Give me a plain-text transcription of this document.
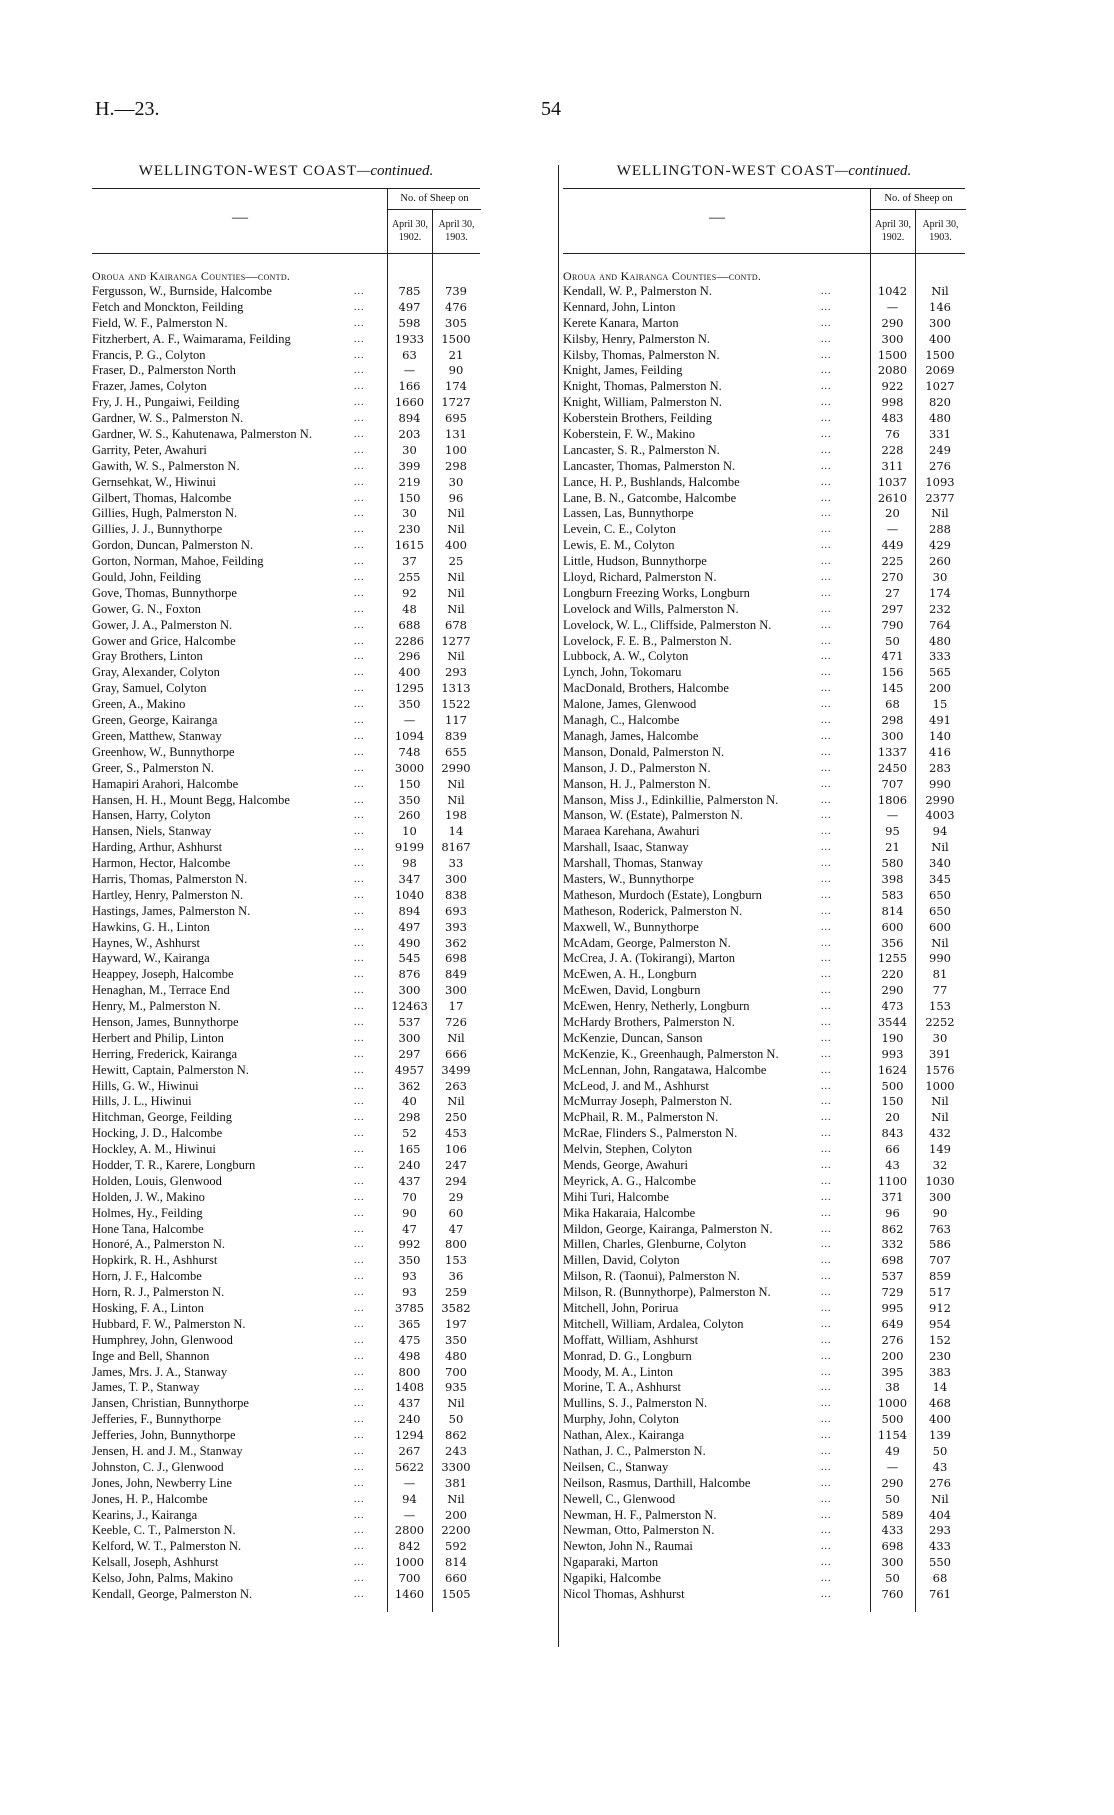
H.—23.	54
WELLINGTON-WEST COAST—continued.
—
No. of Sheep on
April 30, 1902.
April 30, 1903.
Oroua and Kairanga Counties—contd.
Fergusson, W., Burnside, Halcombe	...	785	739
Fetch and Monckton, Feilding	...	497	476
Field, W. F., Palmerston N.	...	598	305
Fitzherbert, A. F., Waimarama, Feilding	...	1933	1500
Francis, P. G., Colyton	...	63	21
Fraser, D., Palmerston North	...	—	90
Frazer, James, Colyton	...	166	174
Fry, J. H., Pungaiwi, Feilding	...	1660	1727
Gardner, W. S., Palmerston N.	...	894	695
Gardner, W. S., Kahutenawa, Palmerston N.	...	203	131
Garrity, Peter, Awahuri	...	30	100
Gawith, W. S., Palmerston N.	...	399	298
Gernsehkat, W., Hiwinui	...	219	30
Gilbert, Thomas, Halcombe	...	150	96
Gillies, Hugh, Palmerston N.	...	30	Nil
Gillies, J. J., Bunnythorpe	...	230	Nil
Gordon, Duncan, Palmerston N.	...	1615	400
Gorton, Norman, Mahoe, Feilding	...	37	25
Gould, John, Feilding	...	255	Nil
Gove, Thomas, Bunnythorpe	...	92	Nil
Gower, G. N., Foxton	...	48	Nil
Gower, J. A., Palmerston N.	...	688	678
Gower and Grice, Halcombe	...	2286	1277
Gray Brothers, Linton	...	296	Nil
Gray, Alexander, Colyton	...	400	293
Gray, Samuel, Colyton	...	1295	1313
Green, A., Makino	...	350	1522
Green, George, Kairanga	...	—	117
Green, Matthew, Stanway	...	1094	839
Greenhow, W., Bunnythorpe	...	748	655
Greer, S., Palmerston N.	...	3000	2990
Hamapiri Arahori, Halcombe	...	150	Nil
Hansen, H. H., Mount Begg, Halcombe	...	350	Nil
Hansen, Harry, Colyton	...	260	198
Hansen, Niels, Stanway	...	10	14
Harding, Arthur, Ashhurst	...	9199	8167
Harmon, Hector, Halcombe	...	98	33
Harris, Thomas, Palmerston N.	...	347	300
Hartley, Henry, Palmerston N.	...	1040	838
Hastings, James, Palmerston N.	...	894	693
Hawkins, G. H., Linton	...	497	393
Haynes, W., Ashhurst	...	490	362
Hayward, W., Kairanga	...	545	698
Heappey, Joseph, Halcombe	...	876	849
Henaghan, M., Terrace End	...	300	300
Henry, M., Palmerston N.	...	12463	17
Henson, James, Bunnythorpe	...	537	726
Herbert and Philip, Linton	...	300	Nil
Herring, Frederick, Kairanga	...	297	666
Hewitt, Captain, Palmerston N.	...	4957	3499
Hills, G. W., Hiwinui	...	362	263
Hills, J. L., Hiwinui	...	40	Nil
Hitchman, George, Feilding	...	298	250
Hocking, J. D., Halcombe	...	52	453
Hockley, A. M., Hiwinui	...	165	106
Hodder, T. R., Karere, Longburn	...	240	247
Holden, Louis, Glenwood	...	437	294
Holden, J. W., Makino	...	70	29
Holmes, Hy., Feilding	...	90	60
Hone Tana, Halcombe	...	47	47
Honoré, A., Palmerston N.	...	992	800
Hopkirk, R. H., Ashhurst	...	350	153
Horn, J. F., Halcombe	...	93	36
Horn, R. J., Palmerston N.	...	93	259
Hosking, F. A., Linton	...	3785	3582
Hubbard, F. W., Palmerston N.	...	365	197
Humphrey, John, Glenwood	...	475	350
Inge and Bell, Shannon	...	498	480
James, Mrs. J. A., Stanway	...	800	700
James, T. P., Stanway	...	1408	935
Jansen, Christian, Bunnythorpe	...	437	Nil
Jefferies, F., Bunnythorpe	...	240	50
Jefferies, John, Bunnythorpe	...	1294	862
Jensen, H. and J. M., Stanway	...	267	243
Johnston, C. J., Glenwood	...	5622	3300
Jones, John, Newberry Line	...	—	381
Jones, H. P., Halcombe	...	94	Nil
Kearins, J., Kairanga	...	—	200
Keeble, C. T., Palmerston N.	...	2800	2200
Kelford, W. T., Palmerston N.	...	842	592
Kelsall, Joseph, Ashhurst	...	1000	814
Kelso, John, Palms, Makino	...	700	660
Kendall, George, Palmerston N.	...	1460	1505
WELLINGTON-WEST COAST—continued.
—
No. of Sheep on
April 30, 1902.
April 30, 1903.
Oroua and Kairanga Counties—contd.
Kendall, W. P., Palmerston N.	...	1042	Nil
Kennard, John, Linton	...	—	146
Kerete Kanara, Marton	...	290	300
Kilsby, Henry, Palmerston N.	...	300	400
Kilsby, Thomas, Palmerston N.	...	1500	1500
Knight, James, Feilding	...	2080	2069
Knight, Thomas, Palmerston N.	...	922	1027
Knight, William, Palmerston N.	...	998	820
Koberstein Brothers, Feilding	...	483	480
Koberstein, F. W., Makino	...	76	331
Lancaster, S. R., Palmerston N.	...	228	249
Lancaster, Thomas, Palmerston N.	...	311	276
Lance, H. P., Bushlands, Halcombe	...	1037	1093
Lane, B. N., Gatcombe, Halcombe	...	2610	2377
Lassen, Las, Bunnythorpe	...	20	Nil
Levein, C. E., Colyton	...	—	288
Lewis, E. M., Colyton	...	449	429
Little, Hudson, Bunnythorpe	...	225	260
Lloyd, Richard, Palmerston N.	...	270	30
Longburn Freezing Works, Longburn	...	27	174
Lovelock and Wills, Palmerston N.	...	297	232
Lovelock, W. L., Cliffside, Palmerston N.	...	790	764
Lovelock, F. E. B., Palmerston N.	...	50	480
Lubbock, A. W., Colyton	...	471	333
Lynch, John, Tokomaru	...	156	565
MacDonald, Brothers, Halcombe	...	145	200
Malone, James, Glenwood	...	68	15
Managh, C., Halcombe	...	298	491
Managh, James, Halcombe	...	300	140
Manson, Donald, Palmerston N.	...	1337	416
Manson, J. D., Palmerston N.	...	2450	283
Manson, H. J., Palmerston N.	...	707	990
Manson, Miss J., Edinkillie, Palmerston N.	...	1806	2990
Manson, W. (Estate), Palmerston N.	...	—	4003
Maraea Karehana, Awahuri	...	95	94
Marshall, Isaac, Stanway	...	21	Nil
Marshall, Thomas, Stanway	...	580	340
Masters, W., Bunnythorpe	...	398	345
Matheson, Murdoch (Estate), Longburn	...	583	650
Matheson, Roderick, Palmerston N.	...	814	650
Maxwell, W., Bunnythorpe	...	600	600
McAdam, George, Palmerston N.	...	356	Nil
McCrea, J. A. (Tokirangi), Marton	...	1255	990
McEwen, A. H., Longburn	...	220	81
McEwen, David, Longburn	...	290	77
McEwen, Henry, Netherly, Longburn	...	473	153
McHardy Brothers, Palmerston N.	...	3544	2252
McKenzie, Duncan, Sanson	...	190	30
McKenzie, K., Greenhaugh, Palmerston N.	...	993	391
McLennan, John, Rangatawa, Halcombe	...	1624	1576
McLeod, J. and M., Ashhurst	...	500	1000
McMurray Joseph, Palmerston N.	...	150	Nil
McPhail, R. M., Palmerston N.	...	20	Nil
McRae, Flinders S., Palmerston N.	...	843	432
Melvin, Stephen, Colyton	...	66	149
Mends, George, Awahuri	...	43	32
Meyrick, A. G., Halcombe	...	1100	1030
Mihi Turi, Halcombe	...	371	300
Mika Hakaraia, Halcombe	...	96	90
Mildon, George, Kairanga, Palmerston N.	...	862	763
Millen, Charles, Glenburne, Colyton	...	332	586
Millen, David, Colyton	...	698	707
Milson, R. (Taonui), Palmerston N.	...	537	859
Milson, R. (Bunnythorpe), Palmerston N.	...	729	517
Mitchell, John, Porirua	...	995	912
Mitchell, William, Ardalea, Colyton	...	649	954
Moffatt, William, Ashhurst	...	276	152
Monrad, D. G., Longburn	...	200	230
Moody, M. A., Linton	...	395	383
Morine, T. A., Ashhurst	...	38	14
Mullins, S. J., Palmerston N.	...	1000	468
Murphy, John, Colyton	...	500	400
Nathan, Alex., Kairanga	...	1154	139
Nathan, J. C., Palmerston N.	...	49	50
Neilsen, C., Stanway	...	—	43
Neilson, Rasmus, Darthill, Halcombe	...	290	276
Newell, C., Glenwood	...	50	Nil
Newman, H. F., Palmerston N.	...	589	404
Newman, Otto, Palmerston N.	...	433	293
Newton, John N., Raumai	...	698	433
Ngaparaki, Marton	...	300	550
Ngapiki, Halcombe	...	50	68
Nicol Thomas, Ashhurst	...	760	761
